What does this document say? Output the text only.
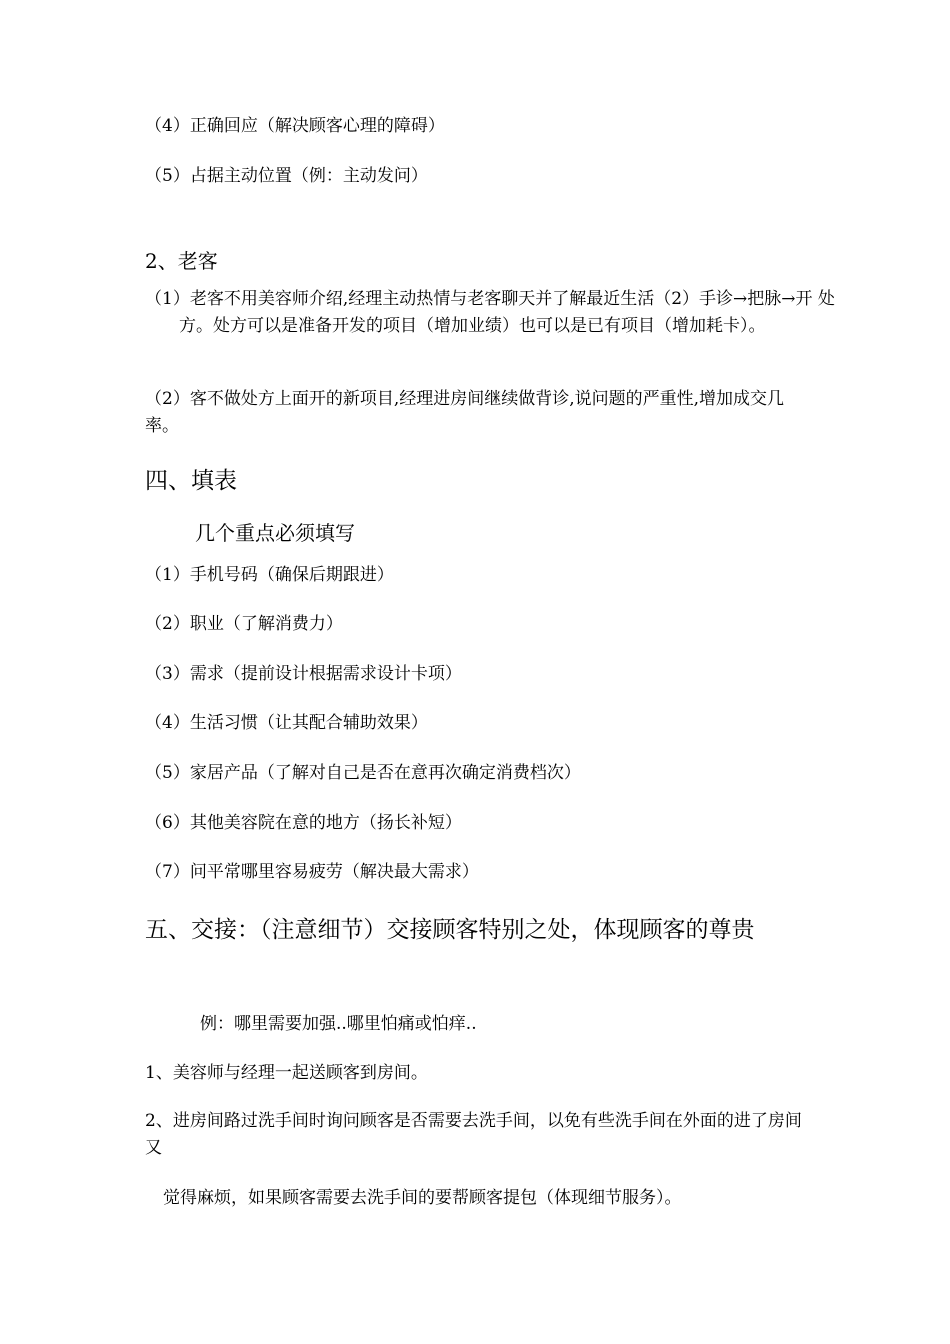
（4）正确回应（解决顾客心理的障碍）
（5）占据主动位置（例：主动发问）
2、老客
（1）老客不用美容师介绍,经理主动热情与老客聊天并了解最近生活（2）手诊→把脉→开 处方。处方可以是准备开发的项目（增加业绩）也可以是已有项目（增加耗卡）。
（2）客不做处方上面开的新项目,经理进房间继续做背诊,说问题的严重性,增加成交几率。
四、填表
几个重点必须填写
（1）手机号码（确保后期跟进）
（2）职业（了解消费力）
（3）需求（提前设计根据需求设计卡项）
（4）生活习惯（让其配合辅助效果）
（5）家居产品（了解对自己是否在意再次确定消费档次）
（6）其他美容院在意的地方（扬长补短）
（7）问平常哪里容易疲劳（解决最大需求）
五、交接：（注意细节）交接顾客特别之处，体现顾客的尊贵
例：哪里需要加强..哪里怕痛或怕痒..
1、美容师与经理一起送顾客到房间。
2、进房间路过洗手间时询问顾客是否需要去洗手间，以免有些洗手间在外面的进了房间又
觉得麻烦，如果顾客需要去洗手间的要帮顾客提包（体现细节服务）。
